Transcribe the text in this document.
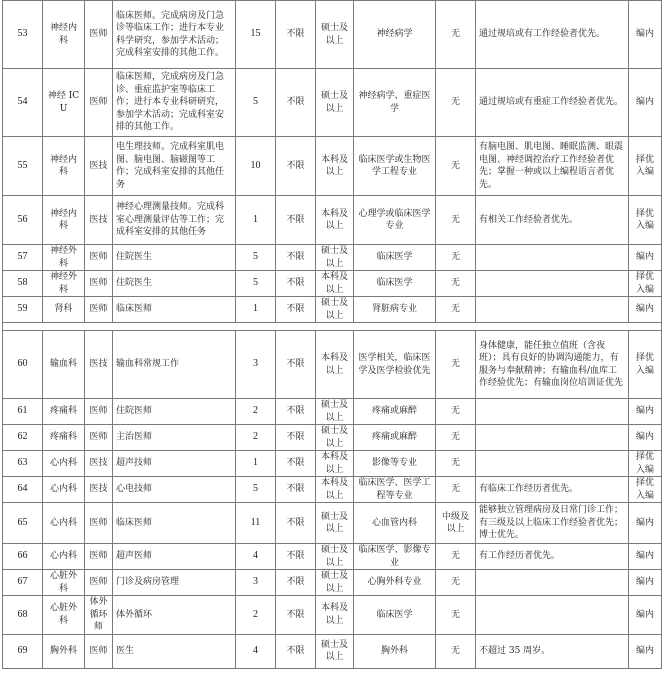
53	神经内科	医师	临床医师。完成病房及门急诊等临床工作；进行本专业科学研究，参加学术活动；完成科室安排的其他工作。	15	不限	硕士及以上	神经病学	无	通过规培或有工作经验者优先。	编内
54	神经 ICU	医师	临床医师，完成病房及门急诊、重症监护室等临床工作；进行本专业科研研究，参加学术活动；完成科室安排的其他工作。	5	不限	硕士及以上	神经病学、重症医学	无	通过规培或有重症工作经验者优先。	编内
55	神经内科	医技	电生理技师。完成科室肌电图、脑电图、脑磁图等工作；完成科室安排的其他任务	10	不限	本科及以上	临床医学或生物医学工程专业	无	有脑电图、肌电图、睡眠监测、眼震电图、神经调控治疗工作经验者优先；掌握一种或以上编程语言者优先。	择优入编
56	神经内科	医技	神经心理测量技师。完成科室心理测量评估等工作；完成科室安排的其他任务	1	不限	本科及以上	心理学或临床医学专业	无	有相关工作经验者优先。	择优入编
57	神经外科	医师	住院医生	5	不限	硕士及以上	临床医学	无		编内
58	神经外科	医师	住院医生	5	不限	本科及以上	临床医学	无		择优入编
59	肾科	医师	临床医师	1	不限	硕士及以上	肾脏病专业	无		编内

60	输血科	医技	输血科常规工作	3	不限	本科及以上	医学相关，临床医学及医学检验优先	无	身体健康，能任独立值班（含夜班）；具有良好的协调沟通能力，有服务与奉献精神；有输血科/血库工作经验优先；有输血岗位培训证优先	择优入编
61	疼痛科	医师	住院医师	2	不限	硕士及以上	疼痛或麻醉	无		编内
62	疼痛科	医师	主治医师	2	不限	硕士及以上	疼痛或麻醉	无		编内
63	心内科	医技	超声技师	1	不限	本科及以上	影像等专业	无		择优入编
64	心内科	医技	心电技师	5	不限	本科及以上	临床医学、医学工程等专业	无	有临床工作经历者优先。	择优入编
65	心内科	医师	临床医师	11	不限	硕士及以上	心血管内科	中级及以上	能够独立管理病房及日常门诊工作；有三级及以上临床工作经验者优先；博士优先。	编内
66	心内科	医师	超声医师	4	不限	硕士及以上	临床医学、影像专业	无	有工作经历者优先。	编内
67	心脏外科	医师	门诊及病房管理	3	不限	硕士及以上	心胸外科专业	无		编内
68	心脏外科	体外循环师	体外循环	2	不限	本科及以上	临床医学	无		编内
69	胸外科	医师	医生	4	不限	硕士及以上	胸外科	无	不超过 35 周岁。	编内
